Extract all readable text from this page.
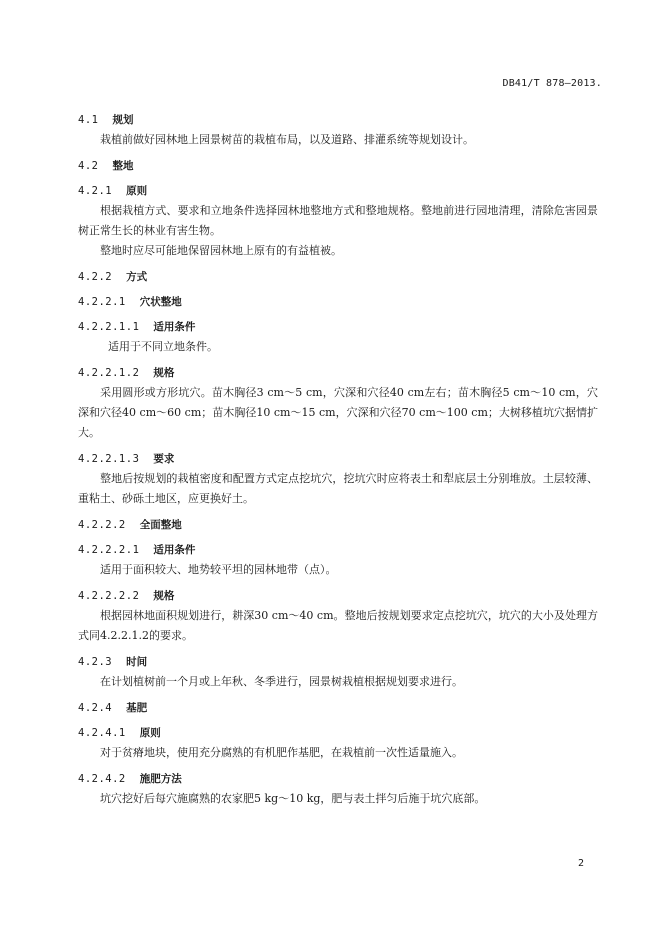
DB41/T 878—2013.
4.1 规划
栽植前做好园林地上园景树苗的栽植布局，以及道路、排灌系统等规划设计。
4.2 整地
4.2.1 原则
根据栽植方式、要求和立地条件选择园林地整地方式和整地规格。整地前进行园地清理，清除危害园景树正常生长的林业有害生物。
整地时应尽可能地保留园林地上原有的有益植被。
4.2.2 方式
4.2.2.1 穴状整地
4.2.2.1.1 适用条件
适用于不同立地条件。
4.2.2.1.2 规格
采用圆形或方形坑穴。苗木胸径3 cm～5 cm，穴深和穴径40 cm左右；苗木胸径5 cm～10 cm，穴深和穴径40 cm～60 cm；苗木胸径10 cm～15 cm，穴深和穴径70 cm～100 cm；大树移植坑穴据情扩大。
4.2.2.1.3 要求
整地后按规划的栽植密度和配置方式定点挖坑穴，挖坑穴时应将表土和犁底层土分别堆放。土层较薄、重粘土、砂砾土地区，应更换好土。
4.2.2.2 全面整地
4.2.2.2.1 适用条件
适用于面积较大、地势较平坦的园林地带（点）。
4.2.2.2.2 规格
根据园林地面积规划进行，耕深30 cm～40 cm。整地后按规划要求定点挖坑穴，坑穴的大小及处理方式同4.2.2.1.2的要求。
4.2.3 时间
在计划植树前一个月或上年秋、冬季进行，园景树栽植根据规划要求进行。
4.2.4 基肥
4.2.4.1 原则
对于贫瘠地块，使用充分腐熟的有机肥作基肥，在栽植前一次性适量施入。
4.2.4.2 施肥方法
坑穴挖好后每穴施腐熟的农家肥5 kg～10 kg，肥与表土拌匀后施于坑穴底部。
2
